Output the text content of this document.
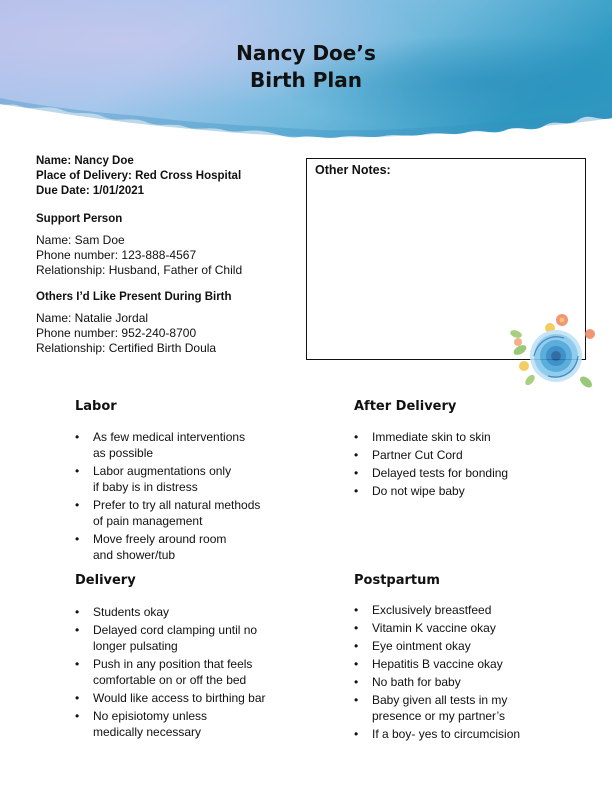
Nancy Doe’s
Birth Plan
Name: Nancy Doe
Place of Delivery: Red Cross Hospital
Due Date: 1/01/2021
Support Person
Name: Sam Doe
Phone number: 123-888-4567
Relationship: Husband, Father of Child
Others I’d Like Present During Birth
Name: Natalie Jordal
Phone number: 952-240-8700
Relationship: Certified Birth Doula
Other Notes:
Labor
• As few medical interventions
as possible
• Labor augmentations only
if baby is in distress
• Prefer to try all natural methods
of pain management
• Move freely around room
and shower/tub
After Delivery
• Immediate skin to skin
• Partner Cut Cord
• Delayed tests for bonding
• Do not wipe baby
Delivery
• Students okay
• Delayed cord clamping until no
longer pulsating
• Push in any position that feels
comfortable on or off the bed
• Would like access to birthing bar
• No episiotomy unless
medically necessary
Postpartum
• Exclusively breastfeed
• Vitamin K vaccine okay
• Eye ointment okay
• Hepatitis B vaccine okay
• No bath for baby
• Baby given all tests in my
presence or my partner’s
• If a boy- yes to circumcision
